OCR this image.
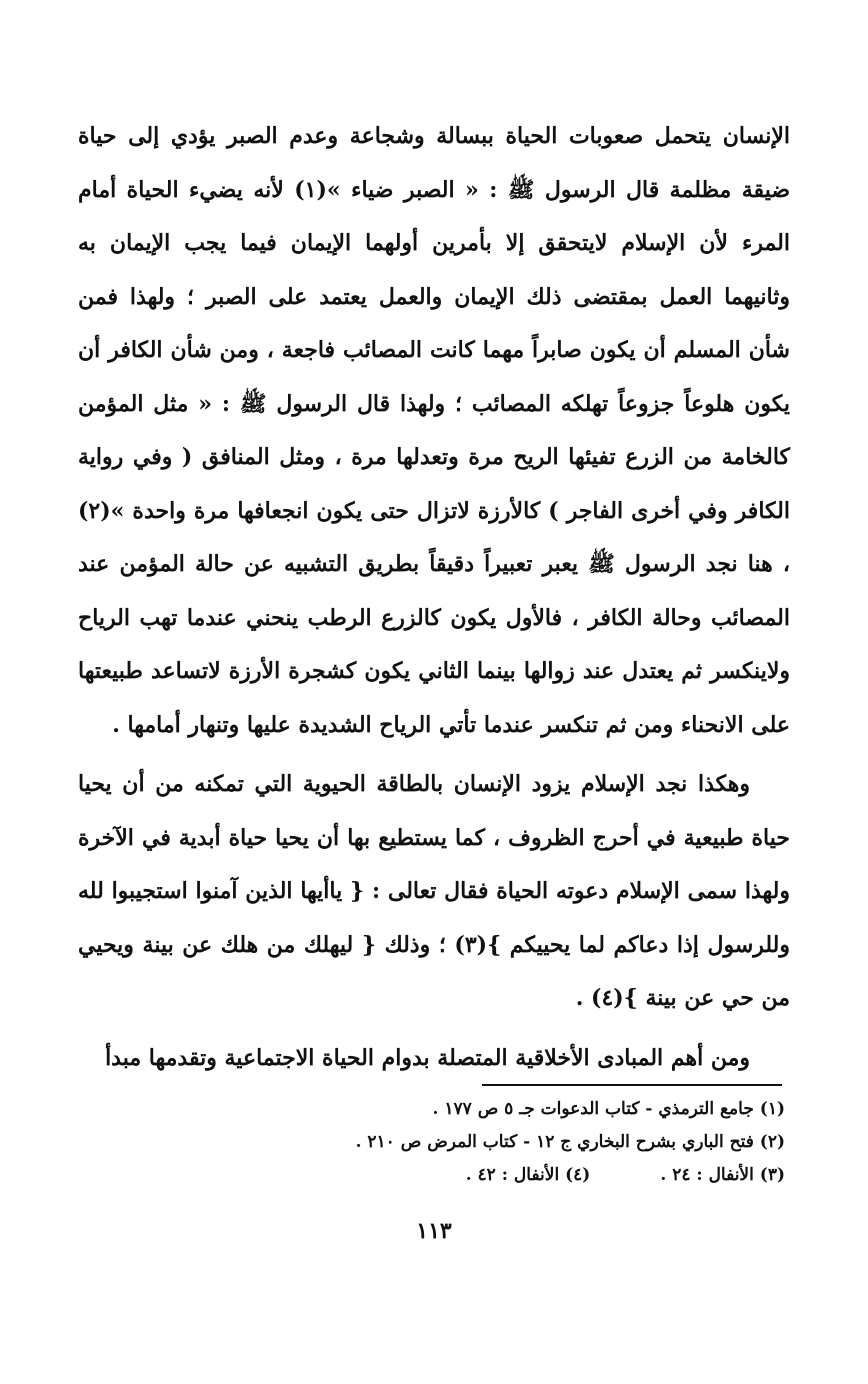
الإنسان يتحمل صعوبات الحياة ببسالة وشجاعة وعدم الصبر يؤدي إلى حياة ضيقة مظلمة قال الرسول ﷺ : « الصبر ضياء »(١) لأنه يضيء الحياة أمام المرء لأن الإسلام لايتحقق إلا بأمرين أولهما الإيمان فيما يجب الإيمان به وثانيهما العمل بمقتضى ذلك الإيمان والعمل يعتمد على الصبر ؛ ولهذا فمن شأن المسلم أن يكون صابراً مهما كانت المصائب فاجعة ، ومن شأن الكافر أن يكون هلوعاً جزوعاً تهلكه المصائب ؛ ولهذا قال الرسول ﷺ : « مثل المؤمن كالخامة من الزرع تفيئها الريح مرة وتعدلها مرة ، ومثل المنافق ( وفي رواية الكافر وفي أخرى الفاجر ) كالأرزة لاتزال حتى يكون انجعافها مرة واحدة »(٢) ، هنا نجد الرسول ﷺ يعبر تعبيراً دقيقاً بطريق التشبيه عن حالة المؤمن عند المصائب وحالة الكافر ، فالأول يكون كالزرع الرطب ينحني عندما تهب الرياح ولاينكسر ثم يعتدل عند زوالها بينما الثاني يكون كشجرة الأرزة لاتساعد طبيعتها على الانحناء ومن ثم تنكسر عندما تأتي الرياح الشديدة عليها وتنهار أمامها .

وهكذا نجد الإسلام يزود الإنسان بالطاقة الحيوية التي تمكنه من أن يحيا حياة طبيعية في أحرج الظروف ، كما يستطيع بها أن يحيا حياة أبدية في الآخرة ولهذا سمى الإسلام دعوته الحياة فقال تعالى : { ياأيها الذين آمنوا استجيبوا لله وللرسول إذا دعاكم لما يحييكم }(٣) ؛ وذلك { ليهلك من هلك عن بينة ويحيي من حي عن بينة }(٤) .

ومن أهم المبادى الأخلاقية المتصلة بدوام الحياة الاجتماعية وتقدمها مبدأ

(١) جامع الترمذي - كتاب الدعوات جـ ٥ ص ١٧٧ .
(٢) فتح الباري بشرح البخاري ج ١٢ - كتاب المرض ص ٢١٠ .
(٣) الأنفال : ٢٤ .
(٤) الأنفال : ٤٢ .
١١٣
